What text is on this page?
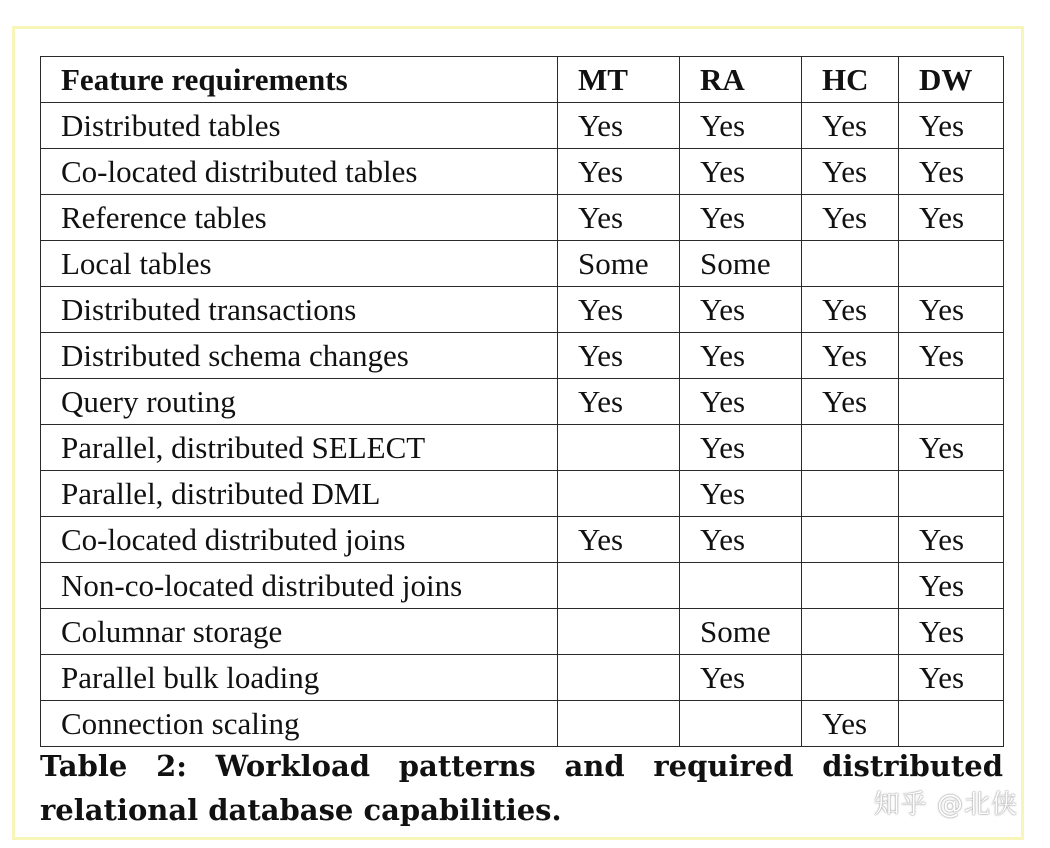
Feature requirements	MT	RA	HC	DW
Distributed tables	Yes	Yes	Yes	Yes
Co-located distributed tables	Yes	Yes	Yes	Yes
Reference tables	Yes	Yes	Yes	Yes
Local tables	Some	Some		
Distributed transactions	Yes	Yes	Yes	Yes
Distributed schema changes	Yes	Yes	Yes	Yes
Query routing	Yes	Yes	Yes	
Parallel, distributed SELECT		Yes		Yes
Parallel, distributed DML		Yes		
Co-located distributed joins	Yes	Yes		Yes
Non-co-located distributed joins				Yes
Columnar storage		Some		Yes
Parallel bulk loading		Yes		Yes
Connection scaling			Yes	
Table 2: Workload patterns and required distributed relational database capabilities.	知乎 @北侠
